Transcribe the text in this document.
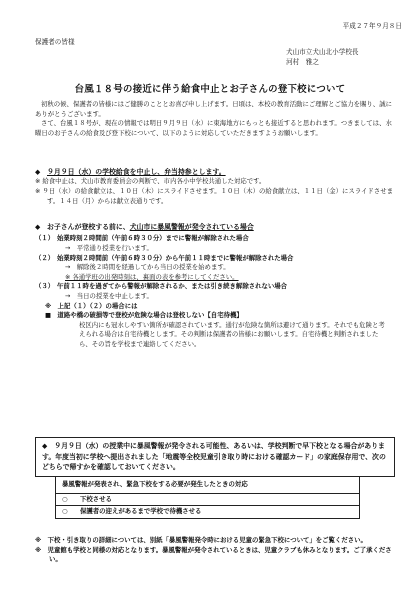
平成２７年９月８日
保護者の皆様
犬山市立犬山北小学校長
河村　雅之
台風１８号の接近に伴う給食中止とお子さんの登下校について

初秋の候、保護者の皆様にはご健勝のこととお喜び申し上げます。日頃は、本校の教育活動にご理解とご協力を賜り、誠にありがとうございます。

さて、台風１８号が、現在の情報では明日９月９日（水）に東海地方にもっとも接近すると思われます。つきましては、水曜日のお子さんの給食及び登下校について、以下のように対応していただきますようお願いします。

◆ ９月９日（水）の学校給食を中止し、弁当持参とします。
※ 給食中止は、犬山市教育委員会の判断で、市内各小中学校共通した対応です。
※ ９日（水）の給食献立は、１０日（木）にスライドさせます。１０日（木）の給食献立は、１１日（金）にスライドさせます。１４日（月）からは献立表通りです。
◆ お子さんが登校する前に、犬山市に暴風警報が発令されている場合
（１） 始業時刻２時間前（午前６時３０分）までに警報が解除された場合
→　平常通り授業を行います。
（２） 始業時刻２時間前（午前６時３０分）から午前１１時までに警報が解除された場合
→　解除後２時間を経過してから当日の授業を始めます。
※ 各通学班の出発時刻は、裏面の表を参考にしてください。
（３） 午前１１時を過ぎてから警報が解除されるか、または引き続き解除されない場合
→　当日の授業を中止します。
※　上記（１）（２）の場合には
■　道路や橋の破損等で登校が危険な場合は登校しない【自宅待機】
校区内にも冠水しやすい箇所が確認されています。通行が危険な箇所は避けて通ります。それでも危険と考えられる場合は自宅待機とします。その判断は保護者の皆様にお願いします。自宅待機と判断されましたら、その旨を学校まで連絡してください。
◆　９月９日（水）の授業中に暴風警報が発令される可能性、あるいは、学校判断で早下校となる場合があります。年度当初に学校へ提出されました「地震等全校児童引き取り時における確認カード」の家庭保存用で、次のどちらで帰すかを確認しておいてください。
暴風警報が発表され、緊急下校をする必要が発生したときの対応
○ 下校させる
○ 保護者の迎えがあるまで学校で待機させる
※　下校・引き取りの詳細については、別紙「暴風警報発令時における児童の緊急下校について」をご覧ください。
※　児童館も学校と同様の対応となります。暴風警報が発令されているときは、児童クラブも休みとなります。ご了承ください。
